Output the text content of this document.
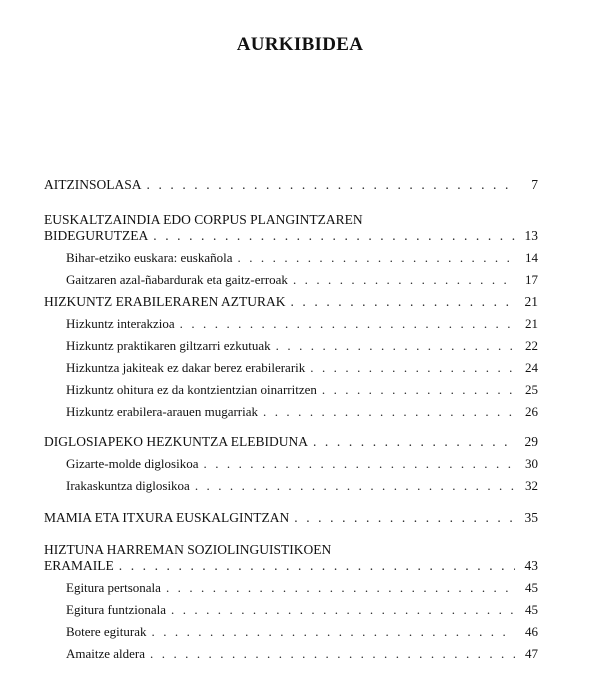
AURKIBIDEA
AITZINSOLASA . . .	7
EUSKALTZAINDIA EDO CORPUS PLANGINTZAREN
BIDEGURUTZEA . . .	13
Bihar-etziko euskara: euskañola . . .	14
Gaitzaren azal-ñabardurak eta gaitz-erroak . . .	17
HIZKUNTZ ERABILERAREN AZTURAK . . .	21
Hizkuntz interakzioa . . .	21
Hizkuntz praktikaren giltzarri ezkutuak . . .	22
Hizkuntza jakiteak ez dakar berez erabilerarik . . .	24
Hizkuntz ohitura ez da kontzientzian oinarritzen . . .	25
Hizkuntz erabilera-arauen mugarriak . . .	26
DIGLOSIAPEKO HEZKUNTZA ELEBIDUNA . . .	29
Gizarte-molde diglosikoa . . .	30
Irakaskuntza diglosikoa . . .	32
MAMIA ETA ITXURA EUSKALGINTZAN . . .	35
HIZTUNA HARREMAN SOZIOLINGUISTIKOEN
ERAMAILE . . .	43
Egitura pertsonala . . .	45
Egitura funtzionala . . .	45
Botere egiturak . . .	46
Amaitze aldera . . .	47
